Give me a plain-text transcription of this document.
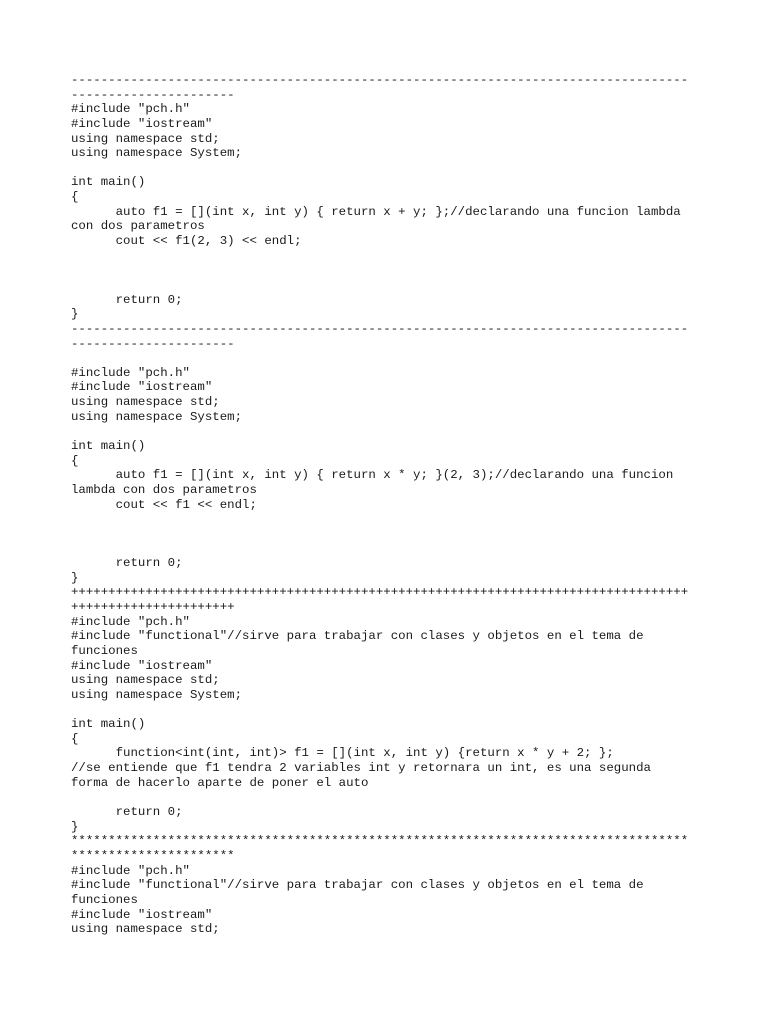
-----------------------------------------------------------------------------------
----------------------
#include "pch.h"
#include "iostream"
using namespace std;
using namespace System;
int main()
{
auto f1 = [](int x, int y) { return x + y; };//declarando una funcion lambda
con dos parametros
cout << f1(2, 3) << endl;
return 0;
}
-----------------------------------------------------------------------------------
----------------------
#include "pch.h"
#include "iostream"
using namespace std;
using namespace System;
int main()
{
auto f1 = [](int x, int y) { return x * y; }(2, 3);//declarando una funcion
lambda con dos parametros
cout << f1 << endl;
return 0;
}
+++++++++++++++++++++++++++++++++++++++++++++++++++++++++++++++++++++++++++++++++++
++++++++++++++++++++++
#include "pch.h"
#include "functional"//sirve para trabajar con clases y objetos en el tema de
funciones
#include "iostream"
using namespace std;
using namespace System;
int main()
{
function<int(int, int)> f1 = [](int x, int y) {return x * y + 2; };
//se entiende que f1 tendra 2 variables int y retornara un int, es una segunda
forma de hacerlo aparte de poner el auto
return 0;
}
***********************************************************************************
**********************
#include "pch.h"
#include "functional"//sirve para trabajar con clases y objetos en el tema de
funciones
#include "iostream"
using namespace std;
